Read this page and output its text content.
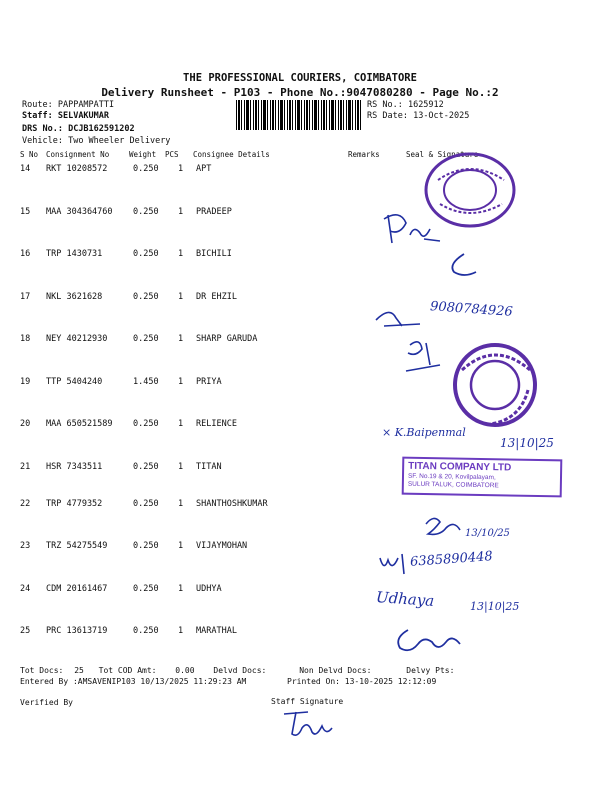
THE PROFESSIONAL COURIERS, COIMBATORE
Delivery Runsheet - P103 - Phone No.:9047080280 - Page No.:2
Route: PAPPAMPATTI
Staff: SELVAKUMAR
DRS No.: DCJB162591202
Vehicle: Two Wheeler Delivery
RS No.: 1625912
RS Date: 13-Oct-2025
S No Consignment No	Weight PCS Consignee Details	Remarks	Seal & Signature
14 RKT 10208572	0.250 1 APT
15 MAA 304364760 0.250 1 PRADEEP
16 TRP 1430731	0.250 1 BICHILI
17 NKL 3621628	0.250 1 DR EHZIL
18 NEY 40212930	0.250 1 SHARP GARUDA
19 TTP 5404240	1.450 1 PRIYA
20 MAA 650521589 0.250 1 RELIENCE
21 HSR 7343511	0.250 1 TITAN
22 TRP 4779352	0.250 1 SHANTHOSHKUMAR
23 TRZ 54275549	0.250 1 VIJAYMOHAN
24 CDM 20161467	0.250 1 UDHYA
25 PRC 13613719	0.250 1 MARATHAL
Tot Docs: 25 Tot COD Amt: 0.00 Delvd Docs:	Non Delvd Docs:	Delvy Pts:
Entered By :AMSAVENIP103 10/13/2025 11:29:23 AM	Printed On: 13-10-2025 12:12:09
Verified By	Staff Signature
9080784926
× K.Baipenmal
13|10|25
TITAN COMPANY LTD
SF. No.19 & 20, Kovilpalayam,
SULUR TALUK, COIMBATORE
13/10/25
6385890448
Udhaya	13|10|25
